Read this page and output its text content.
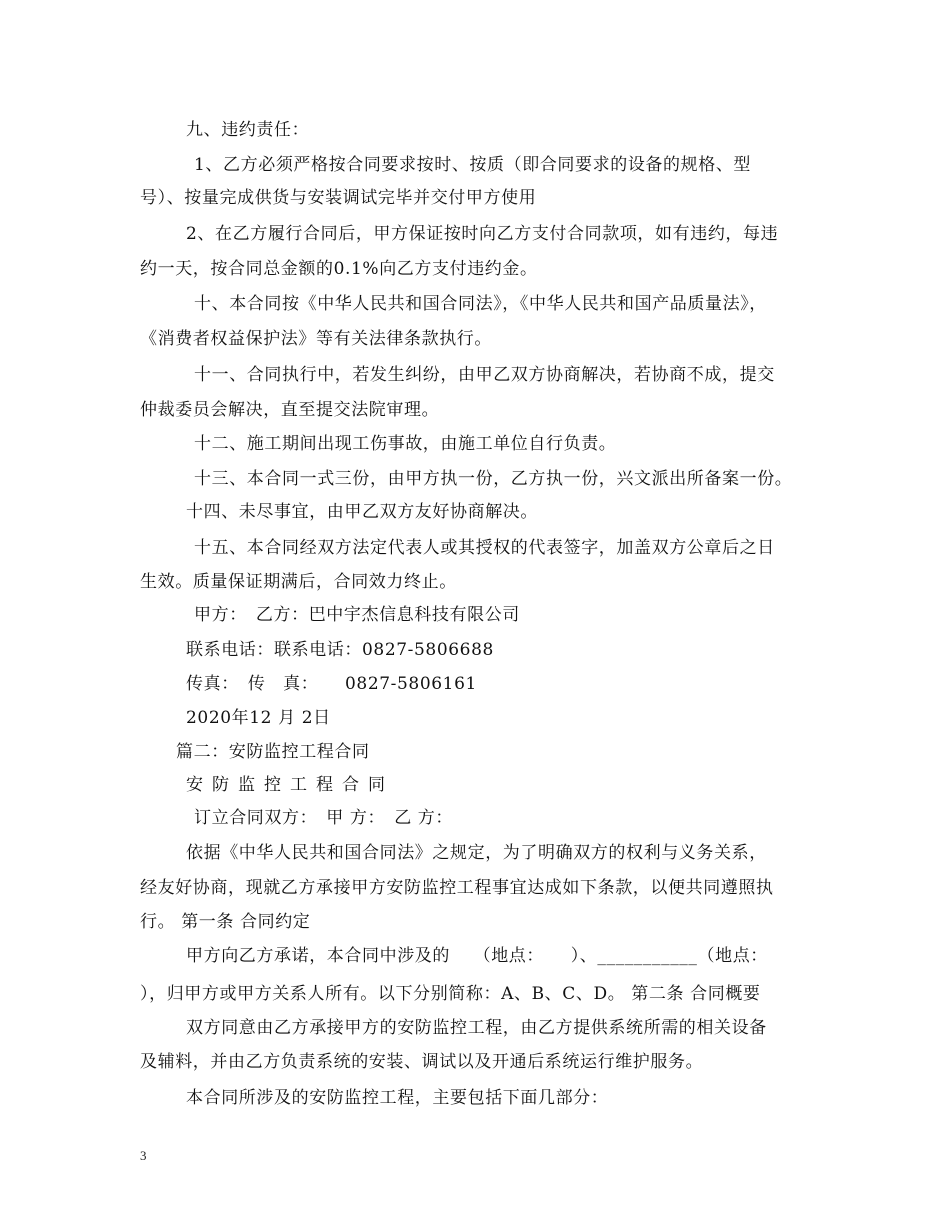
九、违约责任：
1、乙方必须严格按合同要求按时、按质（即合同要求的设备的规格、型
号）、按量完成供货与安装调试完毕并交付甲方使用
2、在乙方履行合同后，甲方保证按时向乙方支付合同款项，如有违约，每违
约一天，按合同总金额的0.1%向乙方支付违约金。
十、本合同按《中华人民共和国合同法》，《中华人民共和国产品质量法》，
《消费者权益保护法》等有关法律条款执行。
十一、合同执行中，若发生纠纷，由甲乙双方协商解决，若协商不成，提交
仲裁委员会解决，直至提交法院审理。
十二、施工期间出现工伤事故，由施工单位自行负责。
十三、本合同一式三份，由甲方执一份，乙方执一份，兴文派出所备案一份。
十四、未尽事宜，由甲乙双方友好协商解决。
十五、本合同经双方法定代表人或其授权的代表签字，加盖双方公章后之日
生效。质量保证期满后，合同效力终止。
甲方：　乙方：巴中宇杰信息科技有限公司
联系电话：联系电话：0827-5806688
传真：　传　真：　　0827-5806161
2020年12 月 2日
篇二：安防监控工程合同
安防监控工程合同
订立合同双方：　甲 方：　乙 方：
依据《中华人民共和国合同法》之规定，为了明确双方的权利与义务关系，
经友好协商，现就乙方承接甲方安防监控工程事宜达成如下条款，以便共同遵照执
行。 第一条 合同约定
甲方向乙方承诺，本合同中涉及的　 （地点：　　）、___________（地点：
），归甲方或甲方关系人所有。以下分别简称：A、B、C、D。 第二条 合同概要
双方同意由乙方承接甲方的安防监控工程，由乙方提供系统所需的相关设备
及辅料，并由乙方负责系统的安装、调试以及开通后系统运行维护服务。
本合同所涉及的安防监控工程，主要包括下面几部分：
3
